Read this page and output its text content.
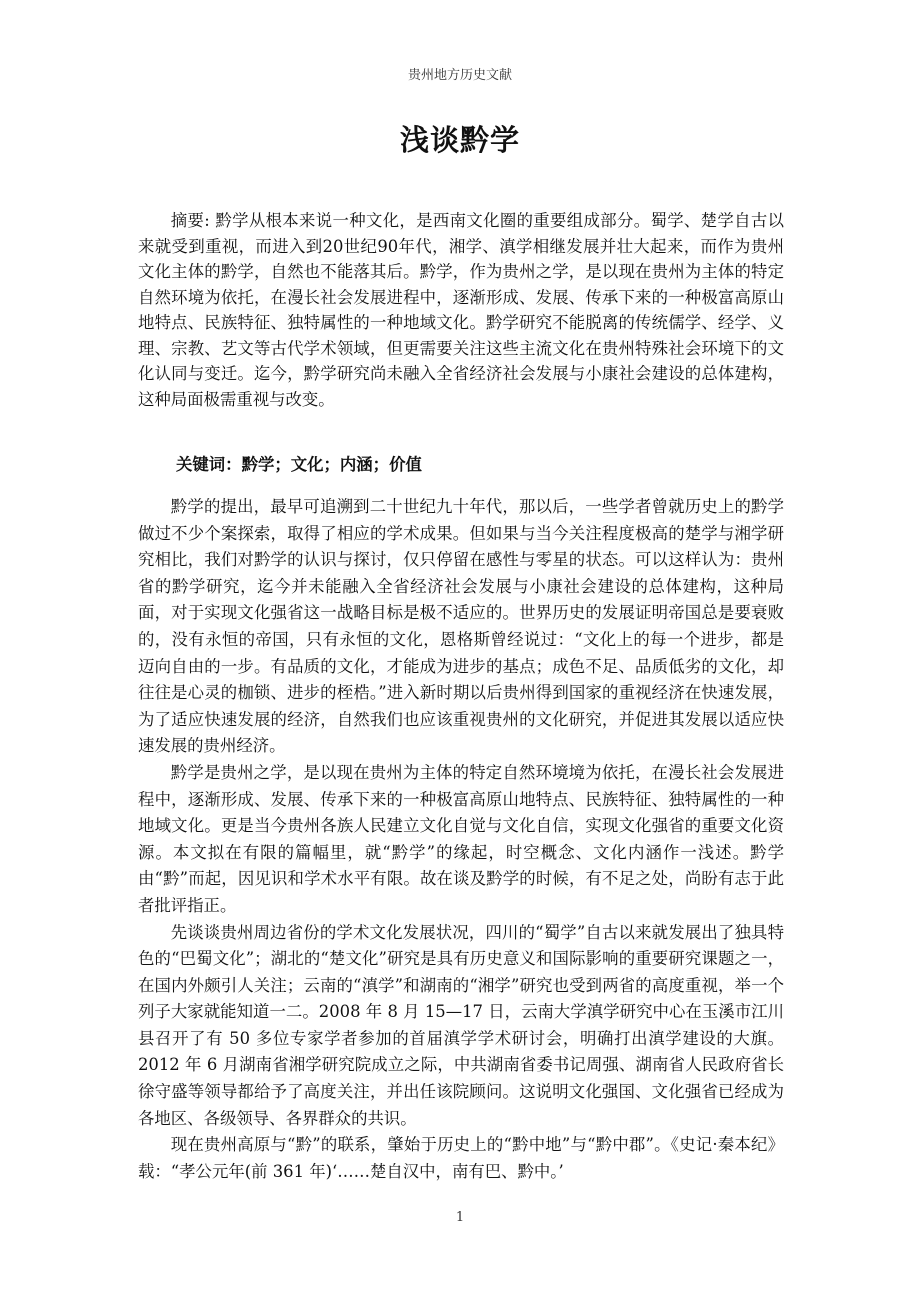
贵州地方历史文献
浅谈黔学

摘要: 黔学从根本来说一种文化，是西南文化圈的重要组成部分。蜀学、楚学自古以来就受到重视，而进入到20世纪90年代，湘学、滇学相继发展并壮大起来，而作为贵州文化主体的黔学，自然也不能落其后。黔学，作为贵州之学，是以现在贵州为主体的特定自然环境为依托，在漫长社会发展进程中，逐渐形成、发展、传承下来的一种极富高原山地特点、民族特征、独特属性的一种地域文化。黔学研究不能脱离的传统儒学、经学、义理、宗教、艺文等古代学术领域，但更需要关注这些主流文化在贵州特殊社会环境下的文化认同与变迁。迄今，黔学研究尚未融入全省经济社会发展与小康社会建设的总体建构，这种局面极需重视与改变。

关键词：黔学；文化；内涵；价值

黔学的提出，最早可追溯到二十世纪九十年代，那以后，一些学者曾就历史上的黔学做过不少个案探索，取得了相应的学术成果。但如果与当今关注程度极高的楚学与湘学研究相比，我们对黔学的认识与探讨，仅只停留在感性与零星的状态。可以这样认为：贵州省的黔学研究，迄今并未能融入全省经济社会发展与小康社会建设的总体建构，这种局面，对于实现文化强省这一战略目标是极不适应的。世界历史的发展证明帝国总是要衰败的，没有永恒的帝国，只有永恒的文化，恩格斯曾经说过：“文化上的每一个进步，都是迈向自由的一步。有品质的文化，才能成为进步的基点；成色不足、品质低劣的文化，却往往是心灵的枷锁、进步的桎梏。”进入新时期以后贵州得到国家的重视经济在快速发展，为了适应快速发展的经济，自然我们也应该重视贵州的文化研究，并促进其发展以适应快速发展的贵州经济。

黔学是贵州之学，是以现在贵州为主体的特定自然环境境为依托，在漫长社会发展进程中，逐渐形成、发展、传承下来的一种极富高原山地特点、民族特征、独特属性的一种地域文化。更是当今贵州各族人民建立文化自觉与文化自信，实现文化强省的重要文化资源。本文拟在有限的篇幅里，就“黔学”的缘起，时空概念、文化内涵作一浅述。黔学由“黔”而起，因见识和学术水平有限。故在谈及黔学的时候，有不足之处，尚盼有志于此者批评指正。

先谈谈贵州周边省份的学术文化发展状况，四川的“蜀学”自古以来就发展出了独具特色的“巴蜀文化”；湖北的“楚文化”研究是具有历史意义和国际影响的重要研究课题之一，在国内外颇引人关注；云南的“滇学”和湖南的“湘学”研究也受到两省的高度重视，举一个列子大家就能知道一二。2008 年 8 月 15—17 日，云南大学滇学研究中心在玉溪市江川县召开了有 50 多位专家学者参加的首届滇学学术研讨会，明确打出滇学建设的大旗。2012 年 6 月湖南省湘学研究院成立之际，中共湖南省委书记周强、湖南省人民政府省长徐守盛等领导都给予了高度关注，并出任该院顾问。这说明文化强国、文化强省已经成为各地区、各级领导、各界群众的共识。

现在贵州高原与“黔”的联系，肇始于历史上的“黔中地”与“黔中郡”。《史记·秦本纪》载：“孝公元年(前 361 年)‘……楚自汉中，南有巴、黔中。’

1
